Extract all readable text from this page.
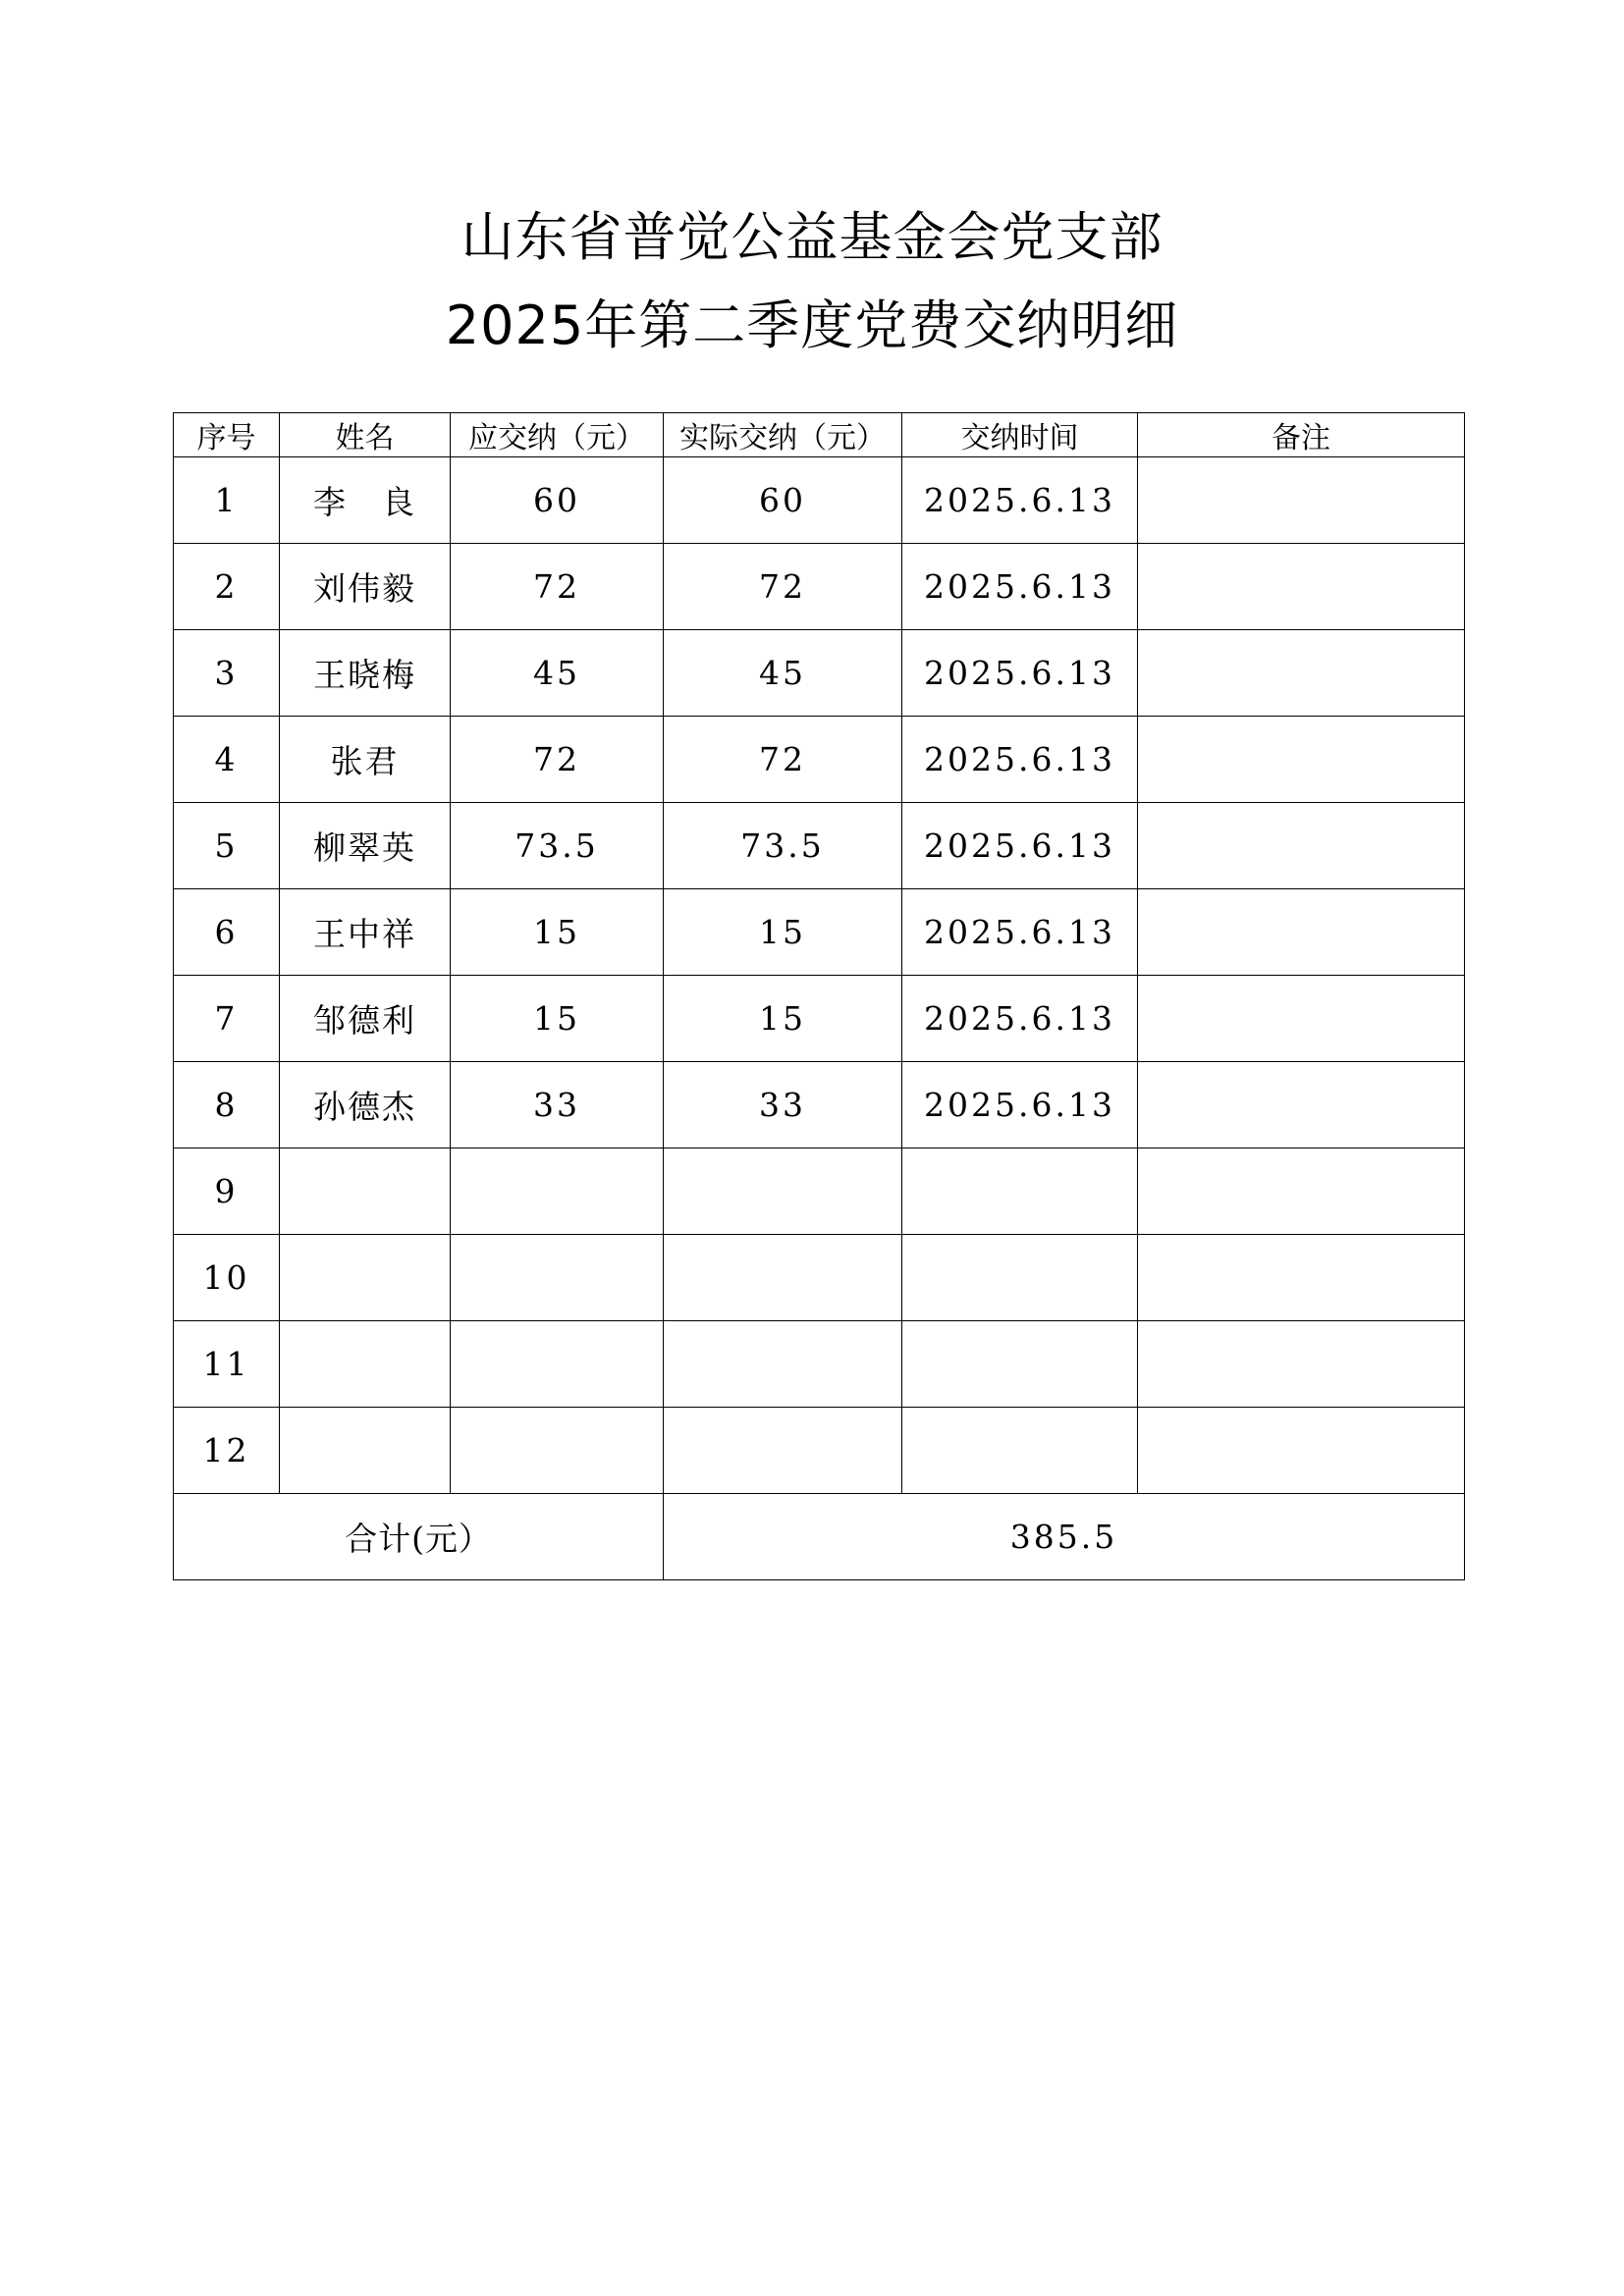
山东省普觉公益基金会党支部
2025年第二季度党费交纳明细
序号	姓名	应交纳（元）	实际交纳（元）	交纳时间	备注
1	李　良	60	60	2025.6.13	
2	刘伟毅	72	72	2025.6.13	
3	王晓梅	45	45	2025.6.13	
4	张君	72	72	2025.6.13	
5	柳翠英	73.5	73.5	2025.6.13	
6	王中祥	15	15	2025.6.13	
7	邹德利	15	15	2025.6.13	
8	孙德杰	33	33	2025.6.13	
9					
10					
11					
12					
合计(元）			385.5		
